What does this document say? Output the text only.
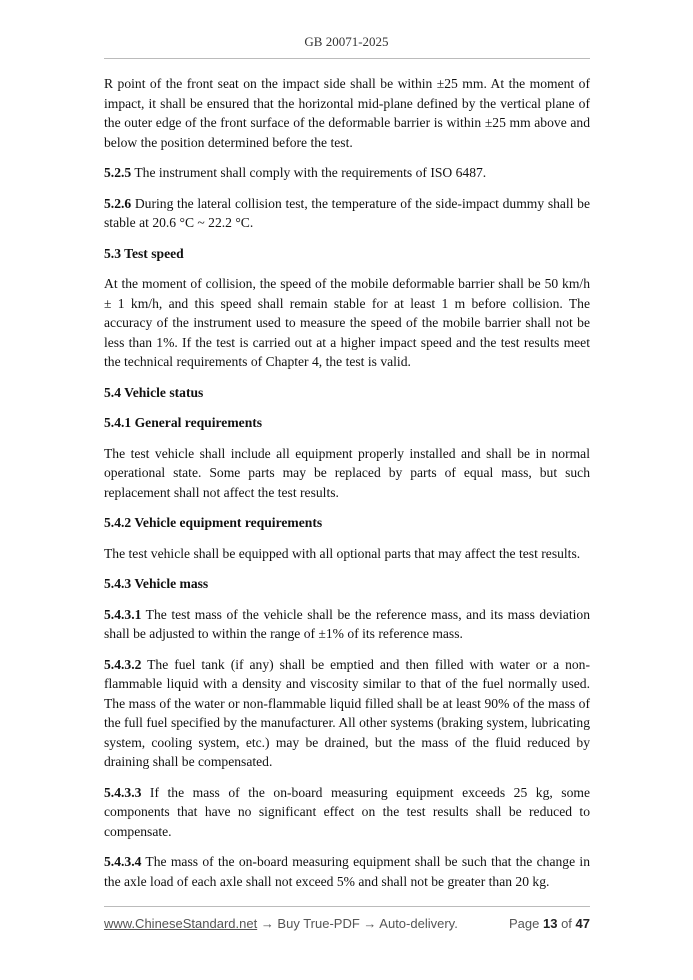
GB 20071-2025

R point of the front seat on the impact side shall be within ±25 mm. At the moment of impact, it shall be ensured that the horizontal mid-plane defined by the vertical plane of the outer edge of the front surface of the deformable barrier is within ±25 mm above and below the position determined before the test.

5.2.5 The instrument shall comply with the requirements of ISO 6487.

5.2.6 During the lateral collision test, the temperature of the side-impact dummy shall be stable at 20.6 °C ~ 22.2 °C.

5.3 Test speed

At the moment of collision, the speed of the mobile deformable barrier shall be 50 km/h ± 1 km/h, and this speed shall remain stable for at least 1 m before collision. The accuracy of the instrument used to measure the speed of the mobile barrier shall not be less than 1%. If the test is carried out at a higher impact speed and the test results meet the technical requirements of Chapter 4, the test is valid.

5.4 Vehicle status
5.4.1 General requirements

The test vehicle shall include all equipment properly installed and shall be in normal operational state. Some parts may be replaced by parts of equal mass, but such replacement shall not affect the test results.

5.4.2 Vehicle equipment requirements

The test vehicle shall be equipped with all optional parts that may affect the test results.

5.4.3 Vehicle mass

5.4.3.1 The test mass of the vehicle shall be the reference mass, and its mass deviation shall be adjusted to within the range of ±1% of its reference mass.

5.4.3.2 The fuel tank (if any) shall be emptied and then filled with water or a non-flammable liquid with a density and viscosity similar to that of the fuel normally used. The mass of the water or non-flammable liquid filled shall be at least 90% of the mass of the full fuel specified by the manufacturer. All other systems (braking system, lubricating system, cooling system, etc.) may be drained, but the mass of the fluid reduced by draining shall be compensated.

5.4.3.3 If the mass of the on-board measuring equipment exceeds 25 kg, some components that have no significant effect on the test results shall be reduced to compensate.

5.4.3.4 The mass of the on-board measuring equipment shall be such that the change in the axle load of each axle shall not exceed 5% and shall not be greater than 20 kg.

www.ChineseStandard.net → Buy True-PDF → Auto-delivery.	Page 13 of 47
